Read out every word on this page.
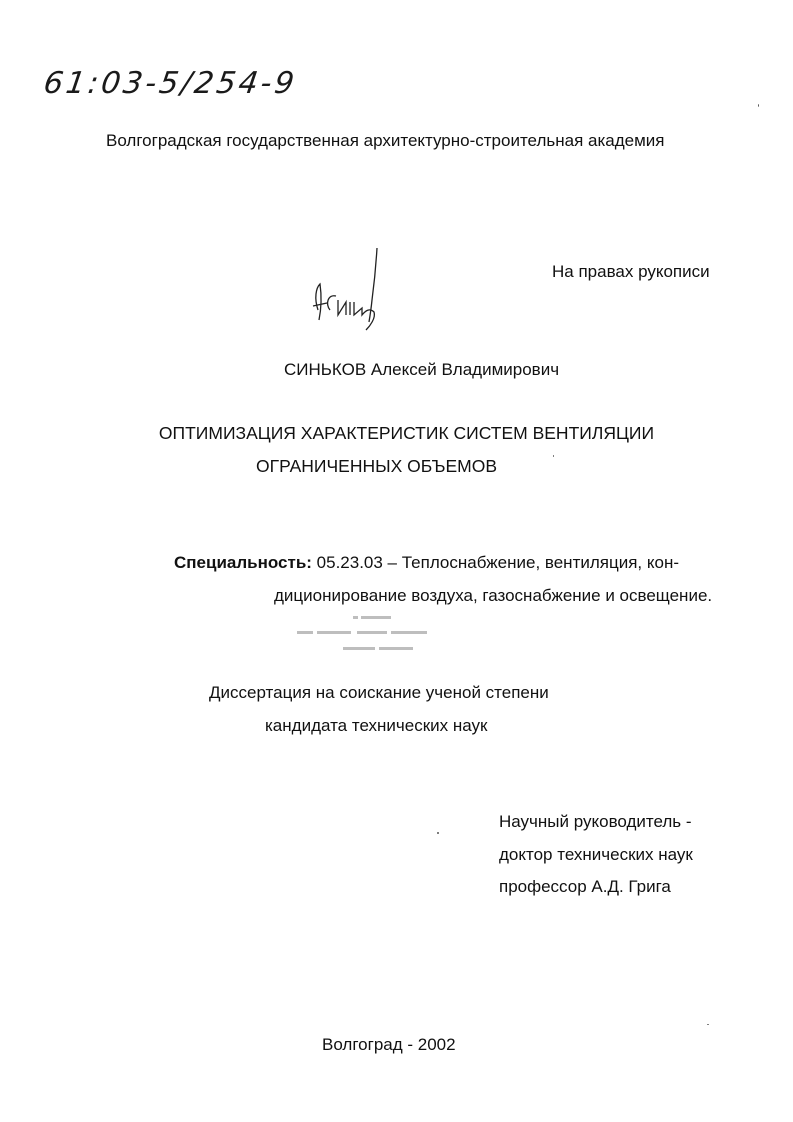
61:03-5/254-9
Волгоградская государственная архитектурно-строительная академия
На правах рукописи
СИНЬКОВ Алексей Владимирович
ОПТИМИЗАЦИЯ ХАРАКТЕРИСТИК СИСТЕМ ВЕНТИЛЯЦИИ
ОГРАНИЧЕННЫХ ОБЪЕМОВ
Специальность: 05.23.03 – Теплоснабжение, вентиляция, кон-
диционирование воздуха, газоснабжение и освещение.
Диссертация на соискание ученой степени
кандидата технических наук
Научный руководитель -
доктор технических наук
профессор А.Д. Грига
Волгоград - 2002
